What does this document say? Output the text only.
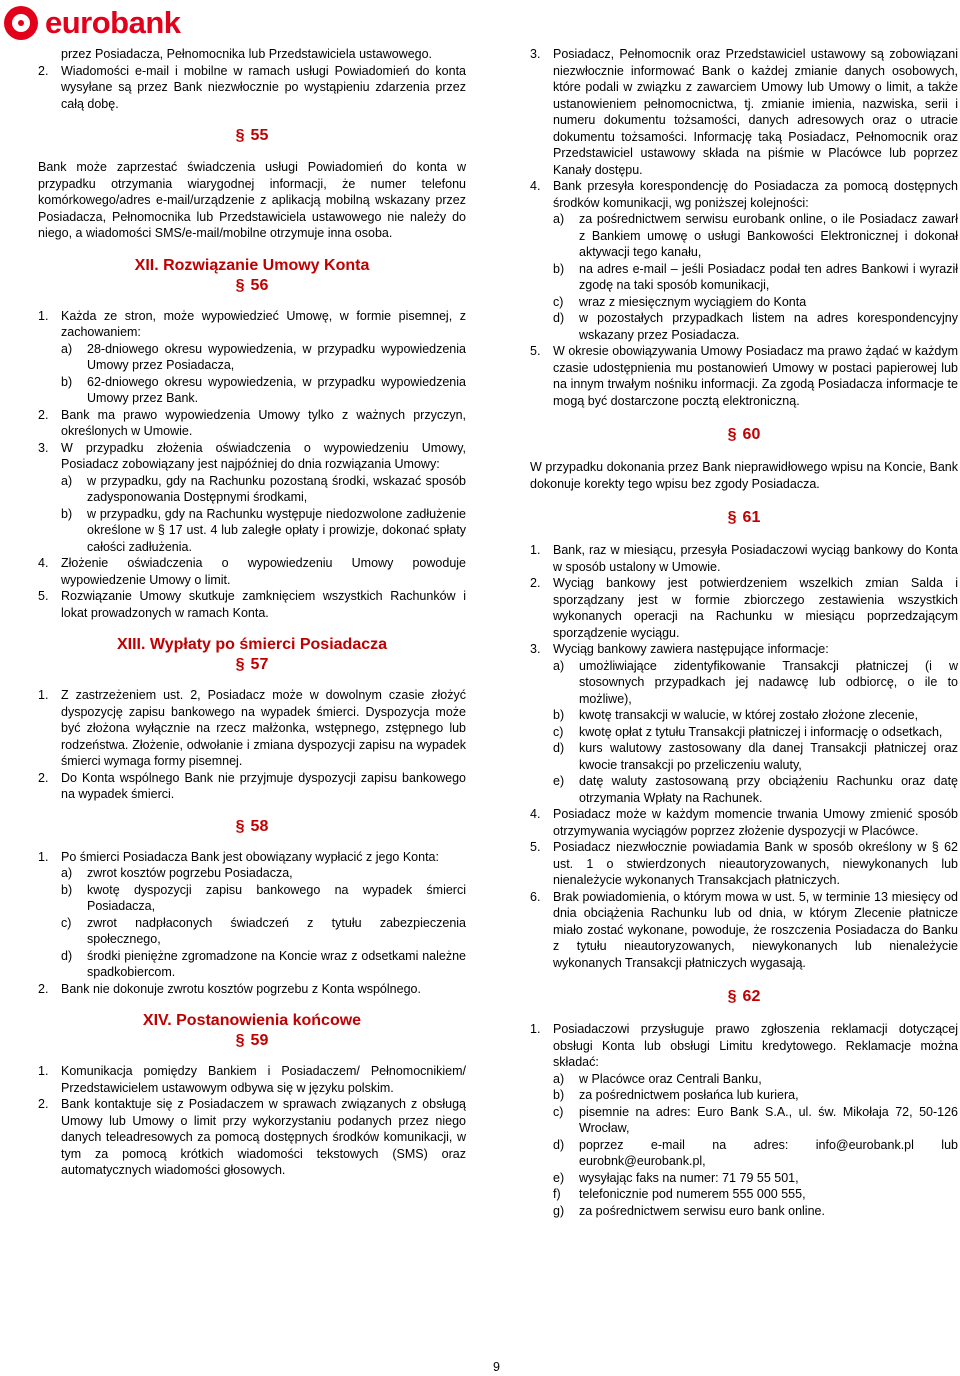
eurobank

przez Posiadacza, Pełnomocnika lub Przedstawiciela ustawowego.

2.	Wiadomości e-mail i mobilne w ramach usługi Powiadomień do konta wysyłane są przez Bank niezwłocznie po wystąpieniu zdarzenia przez całą dobę.
§ 55

Bank może zaprzestać świadczenia usługi Powiadomień do konta w przypadku otrzymania wiarygodnej informacji, że numer telefonu komórkowego/adres e-mail/urządzenie z aplikacją mobilną wskazany przez Posiadacza, Pełnomocnika lub Przedstawiciela ustawowego nie należy do niego, a wiadomości SMS/e-mail/mobilne otrzymuje inna osoba.

XII. Rozwiązanie Umowy Konta
§ 56
1.	Każda ze stron, może wypowiedzieć Umowę, w formie pisemnej, z zachowaniem:
a)	28-dniowego okresu wypowiedzenia, w przypadku wypowiedzenia Umowy przez Posiadacza,
b)	62-dniowego okresu wypowiedzenia, w przypadku wypowiedzenia Umowy przez Bank.
2.	Bank ma prawo wypowiedzenia Umowy tylko z ważnych przyczyn, określonych w Umowie.
3.	W przypadku złożenia oświadczenia o wypowiedzeniu Umowy, Posiadacz zobowiązany jest najpóźniej do dnia rozwiązania Umowy:
a)	w przypadku, gdy na Rachunku pozostaną środki, wskazać sposób zadysponowania Dostępnymi środkami,
b)	w przypadku, gdy na Rachunku występuje niedozwolone zadłużenie określone w § 17 ust. 4 lub zaległe opłaty i prowizje, dokonać spłaty całości zadłużenia.
4.	Złożenie oświadczenia o wypowiedzeniu Umowy powoduje wypowiedzenie Umowy o limit.
5.	Rozwiązanie Umowy skutkuje zamknięciem wszystkich Rachunków i lokat prowadzonych w ramach Konta.
XIII. Wypłaty po śmierci Posiadacza
§ 57
1.	Z zastrzeżeniem ust. 2, Posiadacz może w dowolnym czasie złożyć dyspozycję zapisu bankowego na wypadek śmierci. Dyspozycja może być złożona wyłącznie na rzecz małżonka, wstępnego, zstępnego lub rodzeństwa. Złożenie, odwołanie i zmiana dyspozycji zapisu na wypadek śmierci wymaga formy pisemnej.
2.	Do Konta wspólnego Bank nie przyjmuje dyspozycji zapisu bankowego na wypadek śmierci.
§ 58
1.	Po śmierci Posiadacza Bank jest obowiązany wypłacić z jego Konta:
a)	zwrot kosztów pogrzebu Posiadacza,
b)	kwotę dyspozycji zapisu bankowego na wypadek śmierci Posiadacza,
c)	zwrot nadpłaconych świadczeń z tytułu zabezpieczenia społecznego,
d)	środki pieniężne zgromadzone na Koncie wraz z odsetkami należne spadkobiercom.
2.	Bank nie dokonuje zwrotu kosztów pogrzebu z Konta wspólnego.
XIV. Postanowienia końcowe
§ 59
1.	Komunikacja pomiędzy Bankiem i Posiadaczem/ Pełnomocnikiem/ Przedstawicielem ustawowym odbywa się w języku polskim.
2.	Bank kontaktuje się z Posiadaczem w sprawach związanych z obsługą Umowy lub Umowy o limit przy wykorzystaniu podanych przez niego danych teleadresowych za pomocą dostępnych środków komunikacji, w tym za pomocą krótkich wiadomości tekstowych (SMS) oraz automatycznych wiadomości głosowych.
3.	Posiadacz, Pełnomocnik oraz Przedstawiciel ustawowy są zobowiązani niezwłocznie informować Bank o każdej zmianie danych osobowych, które podali w związku z zawarciem Umowy lub Umowy o limit, a także ustanowieniem pełnomocnictwa, tj. zmianie imienia, nazwiska, serii i numeru dokumentu tożsamości, danych adresowych oraz o utracie dokumentu tożsamości. Informację taką Posiadacz, Pełnomocnik oraz Przedstawiciel ustawowy składa na piśmie w Placówce lub poprzez Kanały dostępu.
4.	Bank przesyła korespondencję do Posiadacza za pomocą dostępnych środków komunikacji, wg poniższej kolejności:
a)	za pośrednictwem serwisu eurobank online, o ile Posiadacz zawarł z Bankiem umowę o usługi Bankowości Elektronicznej i dokonał aktywacji tego kanału,
b)	na adres e-mail – jeśli Posiadacz podał ten adres Bankowi i wyraził zgodę na taki sposób komunikacji,
c)	wraz z miesięcznym wyciągiem do Konta
d)	w pozostałych przypadkach listem na adres korespondencyjny wskazany przez Posiadacza.
5.	W okresie obowiązywania Umowy Posiadacz ma prawo żądać w każdym czasie udostępnienia mu postanowień Umowy w postaci papierowej lub na innym trwałym nośniku informacji. Za zgodą Posiadacza informacje te mogą być dostarczone pocztą elektroniczną.
§ 60

W przypadku dokonania przez Bank nieprawidłowego wpisu na Koncie, Bank dokonuje korekty tego wpisu bez zgody Posiadacza.

§ 61
1.	Bank, raz w miesiącu, przesyła Posiadaczowi wyciąg bankowy do Konta w sposób ustalony w Umowie.
2.	Wyciąg bankowy jest potwierdzeniem wszelkich zmian Salda i sporządzany jest w formie zbiorczego zestawienia wszystkich wykonanych operacji na Rachunku w miesiącu poprzedzającym sporządzenie wyciągu.
3.	Wyciąg bankowy zawiera następujące informacje:
a)	umożliwiające zidentyfikowanie Transakcji płatniczej (i w stosownych przypadkach jej nadawcę lub odbiorcę, o ile to możliwe),
b)	kwotę transakcji w walucie, w której zostało złożone zlecenie,
c)	kwotę opłat z tytułu Transakcji płatniczej i informację o odsetkach,
d)	kurs walutowy zastosowany dla danej Transakcji płatniczej oraz kwocie transakcji po przeliczeniu waluty,
e)	datę waluty zastosowaną przy obciążeniu Rachunku oraz datę otrzymania Wpłaty na Rachunek.
4.	Posiadacz może w każdym momencie trwania Umowy zmienić sposób otrzymywania wyciągów poprzez złożenie dyspozycji w Placówce.
5.	Posiadacz niezwłocznie powiadamia Bank w sposób określony w § 62 ust. 1 o stwierdzonych nieautoryzowanych, niewykonanych lub nienależycie wykonanych Transakcjach płatniczych.
6.	Brak powiadomienia, o którym mowa w ust. 5, w terminie 13 miesięcy od dnia obciążenia Rachunku lub od dnia, w którym Zlecenie płatnicze miało zostać wykonane, powoduje, że roszczenia Posiadacza do Banku z tytułu nieautoryzowanych, niewykonanych lub nienależycie wykonanych Transakcji płatniczych wygasają.
§ 62
1.	Posiadaczowi przysługuje prawo zgłoszenia reklamacji dotyczącej obsługi Konta lub obsługi Limitu kredytowego. Reklamacje można składać:
a)	w Placówce oraz Centrali Banku,
b)	za pośrednictwem posłańca lub kuriera,
c)	pisemnie na adres: Euro Bank S.A., ul. św. Mikołaja 72, 50-126 Wrocław,
d)	poprzez e-mail na adres: info@eurobank.pl lub eurobnk@eurobank.pl,
e)	wysyłając faks na numer: 71 79 55 501,
f)	telefonicznie pod numerem 555 000 555,
g)	za pośrednictwem serwisu euro bank online.
9
